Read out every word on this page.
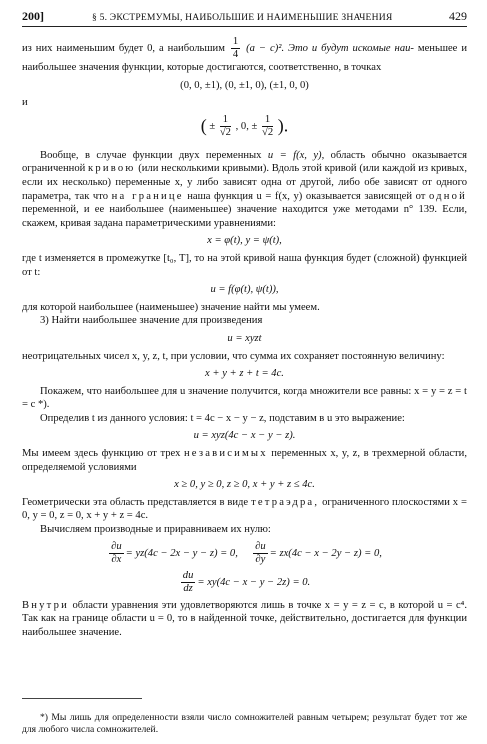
200]	§ 5. ЭКСТРЕМУМЫ, НАИБОЛЬШИЕ И НАИМЕНЬШИЕ ЗНАЧЕНИЯ	429

из них наименьшим будет 0, а наибольшим $\frac{1}{4} (a - c)^2$. Это и будут искомые наи- меньшее и наибольшее значения функции, которые достигаются, соответственно, в точках

(0, 0, ±1), (0, ±1, 0), (±1, 0, 0)

и

( ± $\frac{1}{√2}$ , 0, ± $\frac{1}{√2}$ ).

Вообще, в случае функции двух переменных u = f(x, y), область обычно оказывается ограниченной кривою (или несколькими кривыми). Вдоль этой кривой (или каждой из кривых, если их несколько) переменные x, y либо зависят одна от другой, либо обе зависят от одного параметра, так что на границе наша функция u = f(x, y) оказывается зависящей от одной переменной, и ее наибольшее (наименьшее) значение находится уже методами n° 139. Если, скажем, кривая задана параметрическими уравнениями:

x = φ(t), y = ψ(t),

где t изменяется в промежутке [t₀, T], то на этой кривой наша функция будет (сложной) функцией от t:

u = f(φ(t), ψ(t)),

для которой наибольшее (наименьшее) значение найти мы умеем.

3) Найти наибольшее значение для произведения

u = xyzt

неотрицательных чисел x, y, z, t, при условии, что сумма их сохраняет постоянную величину:

x + y + z + t = 4c.

Покажем, что наибольшее для u значение получится, когда множители все равны: x = y = z = t = c *).

Определив t из данного условия: t = 4c − x − y − z, подставим в u это выражение:

u = xyz(4c − x − y − z).

Мы имеем здесь функцию от трех независимых переменных x, y, z, в трехмерной области, определяемой условиями

x ≥ 0, y ≥ 0, z ≥ 0, x + y + z ≤ 4c.

Геометрически эта область представляется в виде тетраэдра, ограниченного плоскостями x = 0, y = 0, z = 0, x + y + z = 4c.

Вычисляем производные и приравниваем их нулю:

$\frac{\partial u}{\partial x} = yz(4c - 2x - y - z) = 0$, $\frac{\partial u}{\partial y} = zx(4c - x - 2y - z) = 0$,
$\frac{du}{dz} = xy(4c - x - y - 2z) = 0$.

Внутри области уравнения эти удовлетворяются лишь в точке x = y = z = c, в которой u = c⁴. Так как на границе области u = 0, то в найденной точке, действительно, достигается для функции наибольшее значение.

*) Мы лишь для определенности взяли число сомножителей равным четырем; результат будет тот же для любого числа сомножителей.
